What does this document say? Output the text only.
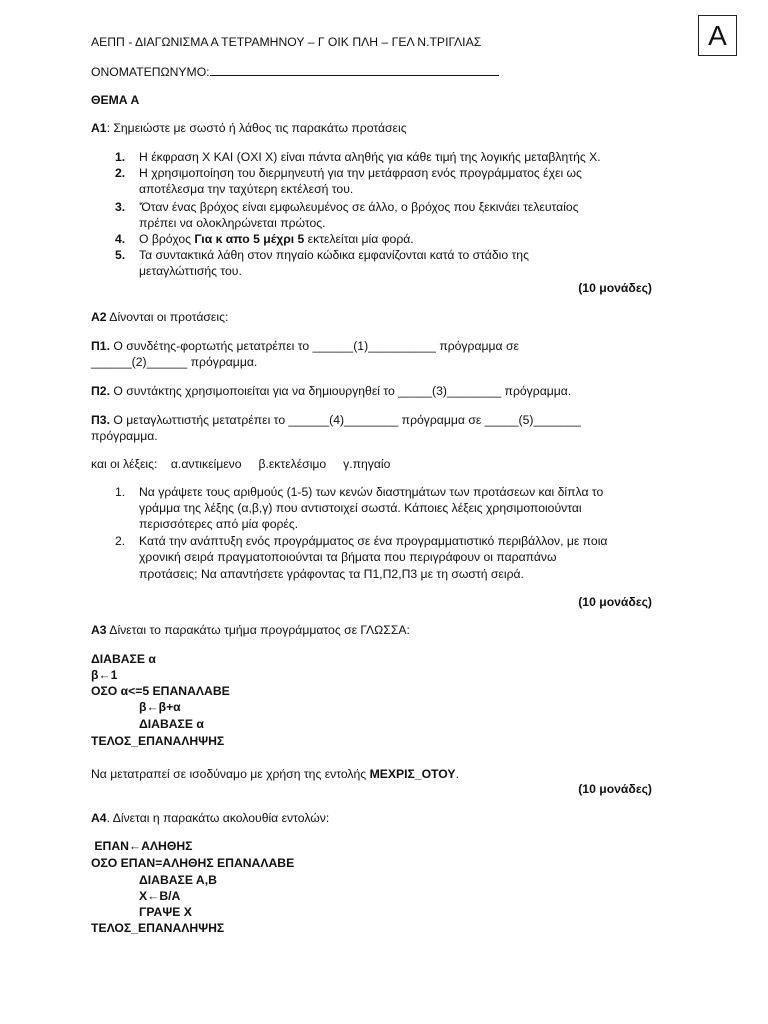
ΑΕΠΠ - ΔΙΑΓΩΝΙΣΜΑ Α ΤΕΤΡΑΜΗΝΟΥ – Γ ΟΙΚ ΠΛΗ – ΓΕΛ Ν.ΤΡΙΓΛΙΑΣ	Α
ΟΝΟΜΑΤΕΠΩΝΥΜΟ:
ΘΕΜΑ Α
Α1: Σημειώστε με σωστό ή λάθος τις παρακάτω προτάσεις
1. Η έκφραση Χ ΚΑΙ (ΟΧΙ Χ) είναι πάντα αληθής για κάθε τιμή της λογικής μεταβλητής Χ.
2. Η χρησιμοποίηση του διερμηνευτή για την μετάφραση ενός προγράμματος έχει ως
αποτέλεσμα την ταχύτερη εκτέλεσή του.
3. 'Όταν ένας βρόχος είναι εμφωλευμένος σε άλλο, ο βρόχος που ξεκινάει τελευταίος
πρέπει να ολοκληρώνεται πρώτος.
4. Ο βρόχος Για κ απο 5 μέχρι 5 εκτελείται μία φορά.
5. Τα συντακτικά λάθη στον πηγαίο κώδικα εμφανίζονται κατά το στάδιο της
μεταγλώττισής του.
(10 μονάδες)
Α2 Δίνονται οι προτάσεις:
Π1. Ο συνδέτης-φορτωτής μετατρέπει το ______(1)__________ πρόγραμμα σε
______(2)______ πρόγραμμα.
Π2. Ο συντάκτης χρησιμοποιείται για να δημιουργηθεί το _____(3)________ πρόγραμμα.
Π3. Ο μεταγλωττιστής μετατρέπει το ______(4)________ πρόγραμμα σε _____(5)_______
πρόγραμμα.
και οι λέξεις:    α.αντικείμενο     β.εκτελέσιμο     γ.πηγαίο
1. Να γράψετε τους αριθμούς (1-5) των κενών διαστημάτων των προτάσεων και δίπλα το
γράμμα της λέξης (α,β,γ) που αντιστοιχεί σωστά. Κάποιες λέξεις χρησιμοποιούνται
περισσότερες από μία φορές.
2. Κατά την ανάπτυξη ενός προγράμματος σε ένα προγραμματιστικό περιβάλλον, με ποια
χρονική σειρά πραγματοποιούνται τα βήματα που περιγράφουν οι παραπάνω
προτάσεις; Να απαντήσετε γράφοντας τα Π1,Π2,Π3 με τη σωστή σειρά.
(10 μονάδες)
Α3 Δίνεται το παρακάτω τμήμα προγράμματος σε ΓΛΩΣΣΑ:
ΔΙΑΒΑΣΕ α
β←1
ΟΣΟ α<=5 ΕΠΑΝΑΛΑΒΕ
β←β+α
ΔΙΑΒΑΣΕ α
ΤΕΛΟΣ_ΕΠΑΝΑΛΗΨΗΣ
Να μετατραπεί σε ισοδύναμο με χρήση της εντολής ΜΕΧΡΙΣ_ΟΤΟΥ.
(10 μονάδες)
Α4. Δίνεται η παρακάτω ακολουθία εντολών:
ΕΠΑΝ←ΑΛΗΘΗΣ
ΟΣΟ ΕΠΑΝ=ΑΛΗΘΗΣ ΕΠΑΝΑΛΑΒΕ
ΔΙΑΒΑΣΕ Α,Β
Χ←Β/Α
ΓΡΑΨΕ Χ
ΤΕΛΟΣ_ΕΠΑΝΑΛΗΨΗΣ
